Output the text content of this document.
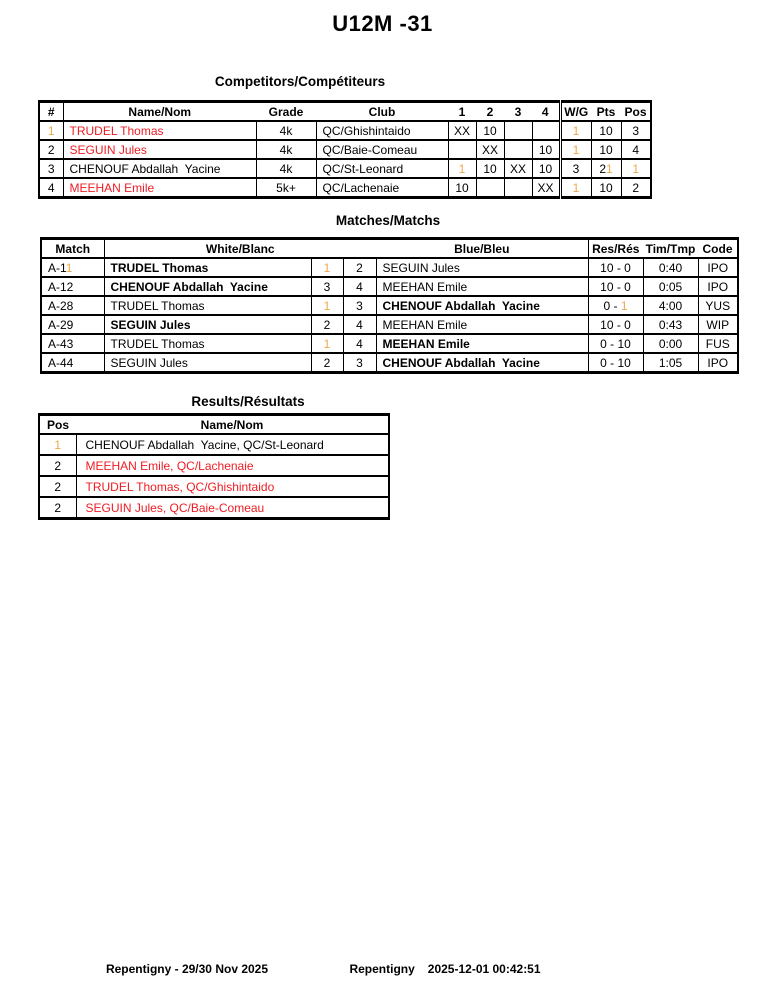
U12M -31
Competitors/Compétiteurs
#	Name/Nom	Grade	Club	1	2	3	4	W/G	Pts	Pos
1	TRUDEL Thomas	4k	QC/Ghishintaido	XX	10			1	10	3
2	SEGUIN Jules	4k	QC/Baie-Comeau		XX		10	1	10	4
3	CHENOUF Abdallah  Yacine	4k	QC/St-Leonard	1	10	XX	10	3	21	1
4	MEEHAN Emile	5k+	QC/Lachenaie	10			XX	1	10	2
Matches/Matchs
Match	White/Blanc			Blue/Bleu	Res/Rés	Tim/Tmp	Code
A-11	TRUDEL Thomas	1	2	SEGUIN Jules	10 - 0	0:40	IPO
A-12	CHENOUF Abdallah  Yacine	3	4	MEEHAN Emile	10 - 0	0:05	IPO
A-28	TRUDEL Thomas	1	3	CHENOUF Abdallah  Yacine	0 - 1	4:00	YUS
A-29	SEGUIN Jules	2	4	MEEHAN Emile	10 - 0	0:43	WIP
A-43	TRUDEL Thomas	1	4	MEEHAN Emile	0 - 10	0:00	FUS
A-44	SEGUIN Jules	2	3	CHENOUF Abdallah  Yacine	0 - 10	1:05	IPO
Results/Résultats
Pos	Name/Nom
1	CHENOUF Abdallah  Yacine, QC/St-Leonard
2	MEEHAN Emile, QC/Lachenaie
2	TRUDEL Thomas, QC/Ghishintaido
2	SEGUIN Jules, QC/Baie-Comeau
Repentigny - 29/30 Nov 2025	Repentigny 2025-12-01 00:42:51
